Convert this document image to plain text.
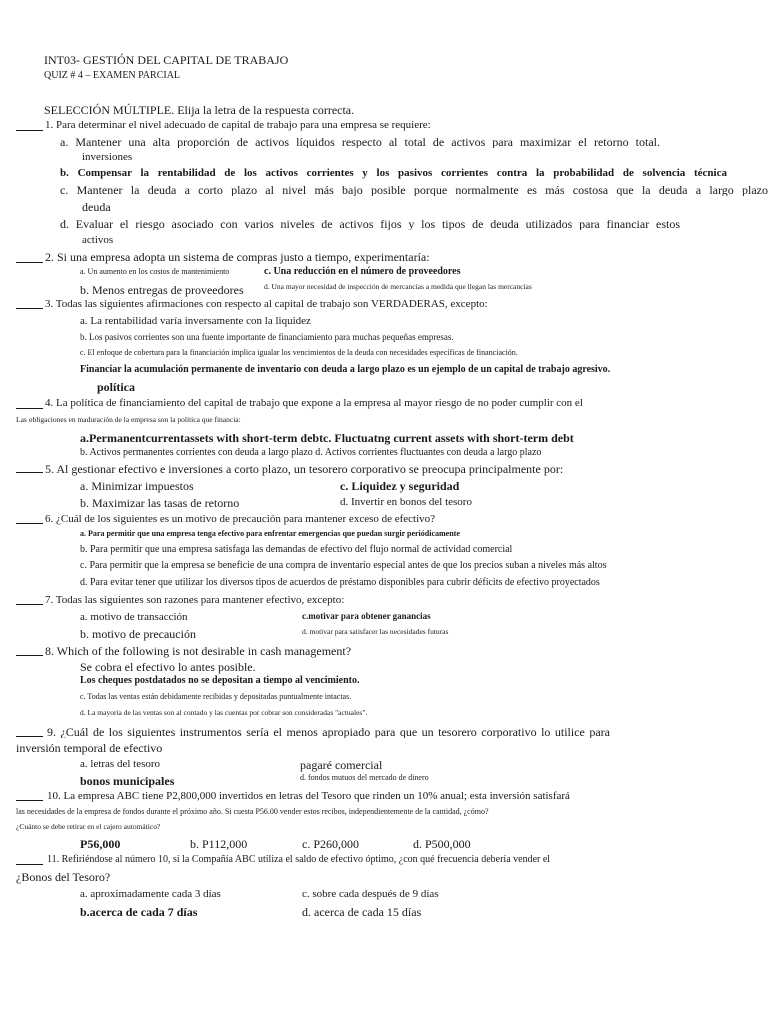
INT03- GESTIÓN DEL CAPITAL DE TRABAJO
QUIZ # 4 – EXAMEN PARCIAL
SELECCIÓN MÚLTIPLE. Elija la letra de la respuesta correcta.
1. Para determinar el nivel adecuado de capital de trabajo para una empresa se requiere:
a. Mantener una alta proporción de activos líquidos respecto al total de activos para maximizar el retorno total.
inversiones
b. Compensar la rentabilidad de los activos corrientes y los pasivos corrientes contra la probabilidad de solvencia técnica
c. Mantener la deuda a corto plazo al nivel más bajo posible porque normalmente es más costosa que la deuda a largo plazo
deuda
d. Evaluar el riesgo asociado con varios niveles de activos fijos y los tipos de deuda utilizados para financiar estos
activos
2. Si una empresa adopta un sistema de compras justo a tiempo, experimentaría:
a. Un aumento en los costos de mantenimiento	c. Una reducción en el número de proveedores
b. Menos entregas de proveedores	d. Una mayor necesidad de inspección de mercancías a medida que llegan las mercancías
3. Todas las siguientes afirmaciones con respecto al capital de trabajo son VERDADERAS, excepto:
a. La rentabilidad varía inversamente con la liquidez
b. Los pasivos corrientes son una fuente importante de financiamiento para muchas pequeñas empresas.
c. El enfoque de cobertura para la financiación implica igualar los vencimientos de la deuda con necesidades específicas de financiación.
Financiar la acumulación permanente de inventario con deuda a largo plazo es un ejemplo de un capital de trabajo agresivo.
política
4. La política de financiamiento del capital de trabajo que expone a la empresa al mayor riesgo de no poder cumplir con el
Las obligaciones en maduración de la empresa son la política que financia:
a.Permanentcurrentassets with short-term debtc. Fluctuatng current assets with short-term debt
b. Activos permanentes corrientes con deuda a largo plazo d. Activos corrientes fluctuantes con deuda a largo plazo
5. Al gestionar efectivo e inversiones a corto plazo, un tesorero corporativo se preocupa principalmente por:
a. Minimizar impuestos	c. Liquidez y seguridad
b. Maximizar las tasas de retorno	d. Invertir en bonos del tesoro
6. ¿Cuál de los siguientes es un motivo de precaución para mantener exceso de efectivo?
a. Para permitir que una empresa tenga efectivo para enfrentar emergencias que puedan surgir periódicamente
b. Para permitir que una empresa satisfaga las demandas de efectivo del flujo normal de actividad comercial
c. Para permitir que la empresa se beneficie de una compra de inventario especial antes de que los precios suban a niveles más altos
d. Para evitar tener que utilizar los diversos tipos de acuerdos de préstamo disponibles para cubrir déficits de efectivo proyectados
7. Todas las siguientes son razones para mantener efectivo, excepto:
a. motivo de transacción	c.motivar para obtener ganancias
b. motivo de precaución	d. motivar para satisfacer las necesidades futuras
8. Which of the following is not desirable in cash management?
Se cobra el efectivo lo antes posible.
Los cheques postdatados no se depositan a tiempo al vencimiento.
c. Todas las ventas están debidamente recibidas y depositadas puntualmente intactas.
d. La mayoría de las ventas son al contado y las cuentas por cobrar son consideradas "actuales".
9. ¿Cuál de los siguientes instrumentos sería el menos apropiado para que un tesorero corporativo lo utilice para
inversión temporal de efectivo
a. letras del tesoro	pagaré comercial
bonos municipales	d. fondos mutuos del mercado de dinero
10. La empresa ABC tiene P2,800,000 invertidos en letras del Tesoro que rinden un 10% anual; esta inversión satisfará
las necesidades de la empresa de fondos durante el próximo año. Si cuesta P56.00 vender estos recibos, independientemente de la cantidad, ¿cómo?
¿Cuánto se debe retirar en el cajero automático?
P56,000	b. P112,000	c. P260,000	d. P500,000
11. Refiriéndose al número 10, si la Compañía ABC utiliza el saldo de efectivo óptimo, ¿con qué frecuencia debería vender el
¿Bonos del Tesoro?
a. aproximadamente cada 3 días	c. sobre cada después de 9 días
b.acerca de cada 7 días	d. acerca de cada 15 días
